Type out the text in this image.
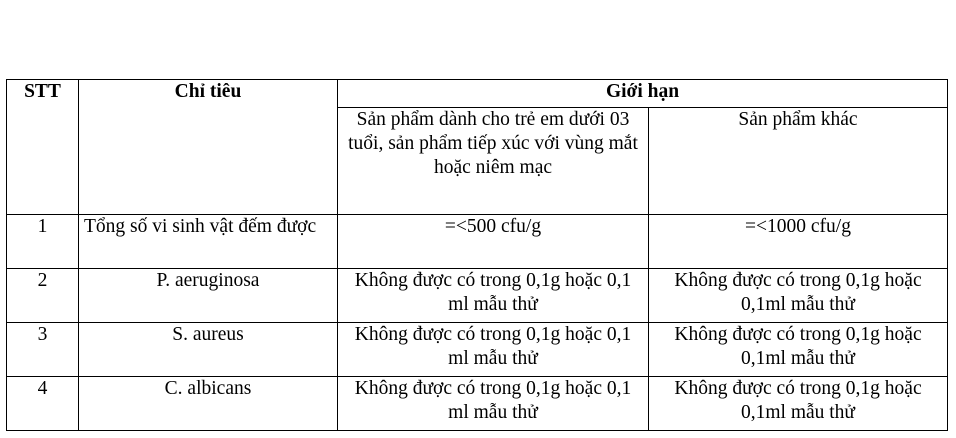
STT	Chỉ tiêu	Giới hạn	
		Sản phẩm dành cho trẻ em dưới 03 tuổi, sản phẩm tiếp xúc với vùng mắt hoặc niêm mạc	Sản phẩm khác
1	Tổng số vi sinh vật đếm được	=<500 cfu/g	=<1000 cfu/g
2	P. aeruginosa	Không được có trong 0,1g hoặc 0,1 ml mẫu thử	Không được có trong 0,1g hoặc 0,1ml mẫu thử
3	S. aureus	Không được có trong 0,1g hoặc 0,1 ml mẫu thử	Không được có trong 0,1g hoặc 0,1ml mẫu thử
4	C. albicans	Không được có trong 0,1g hoặc 0,1 ml mẫu thử	Không được có trong 0,1g hoặc 0,1ml mẫu thử
